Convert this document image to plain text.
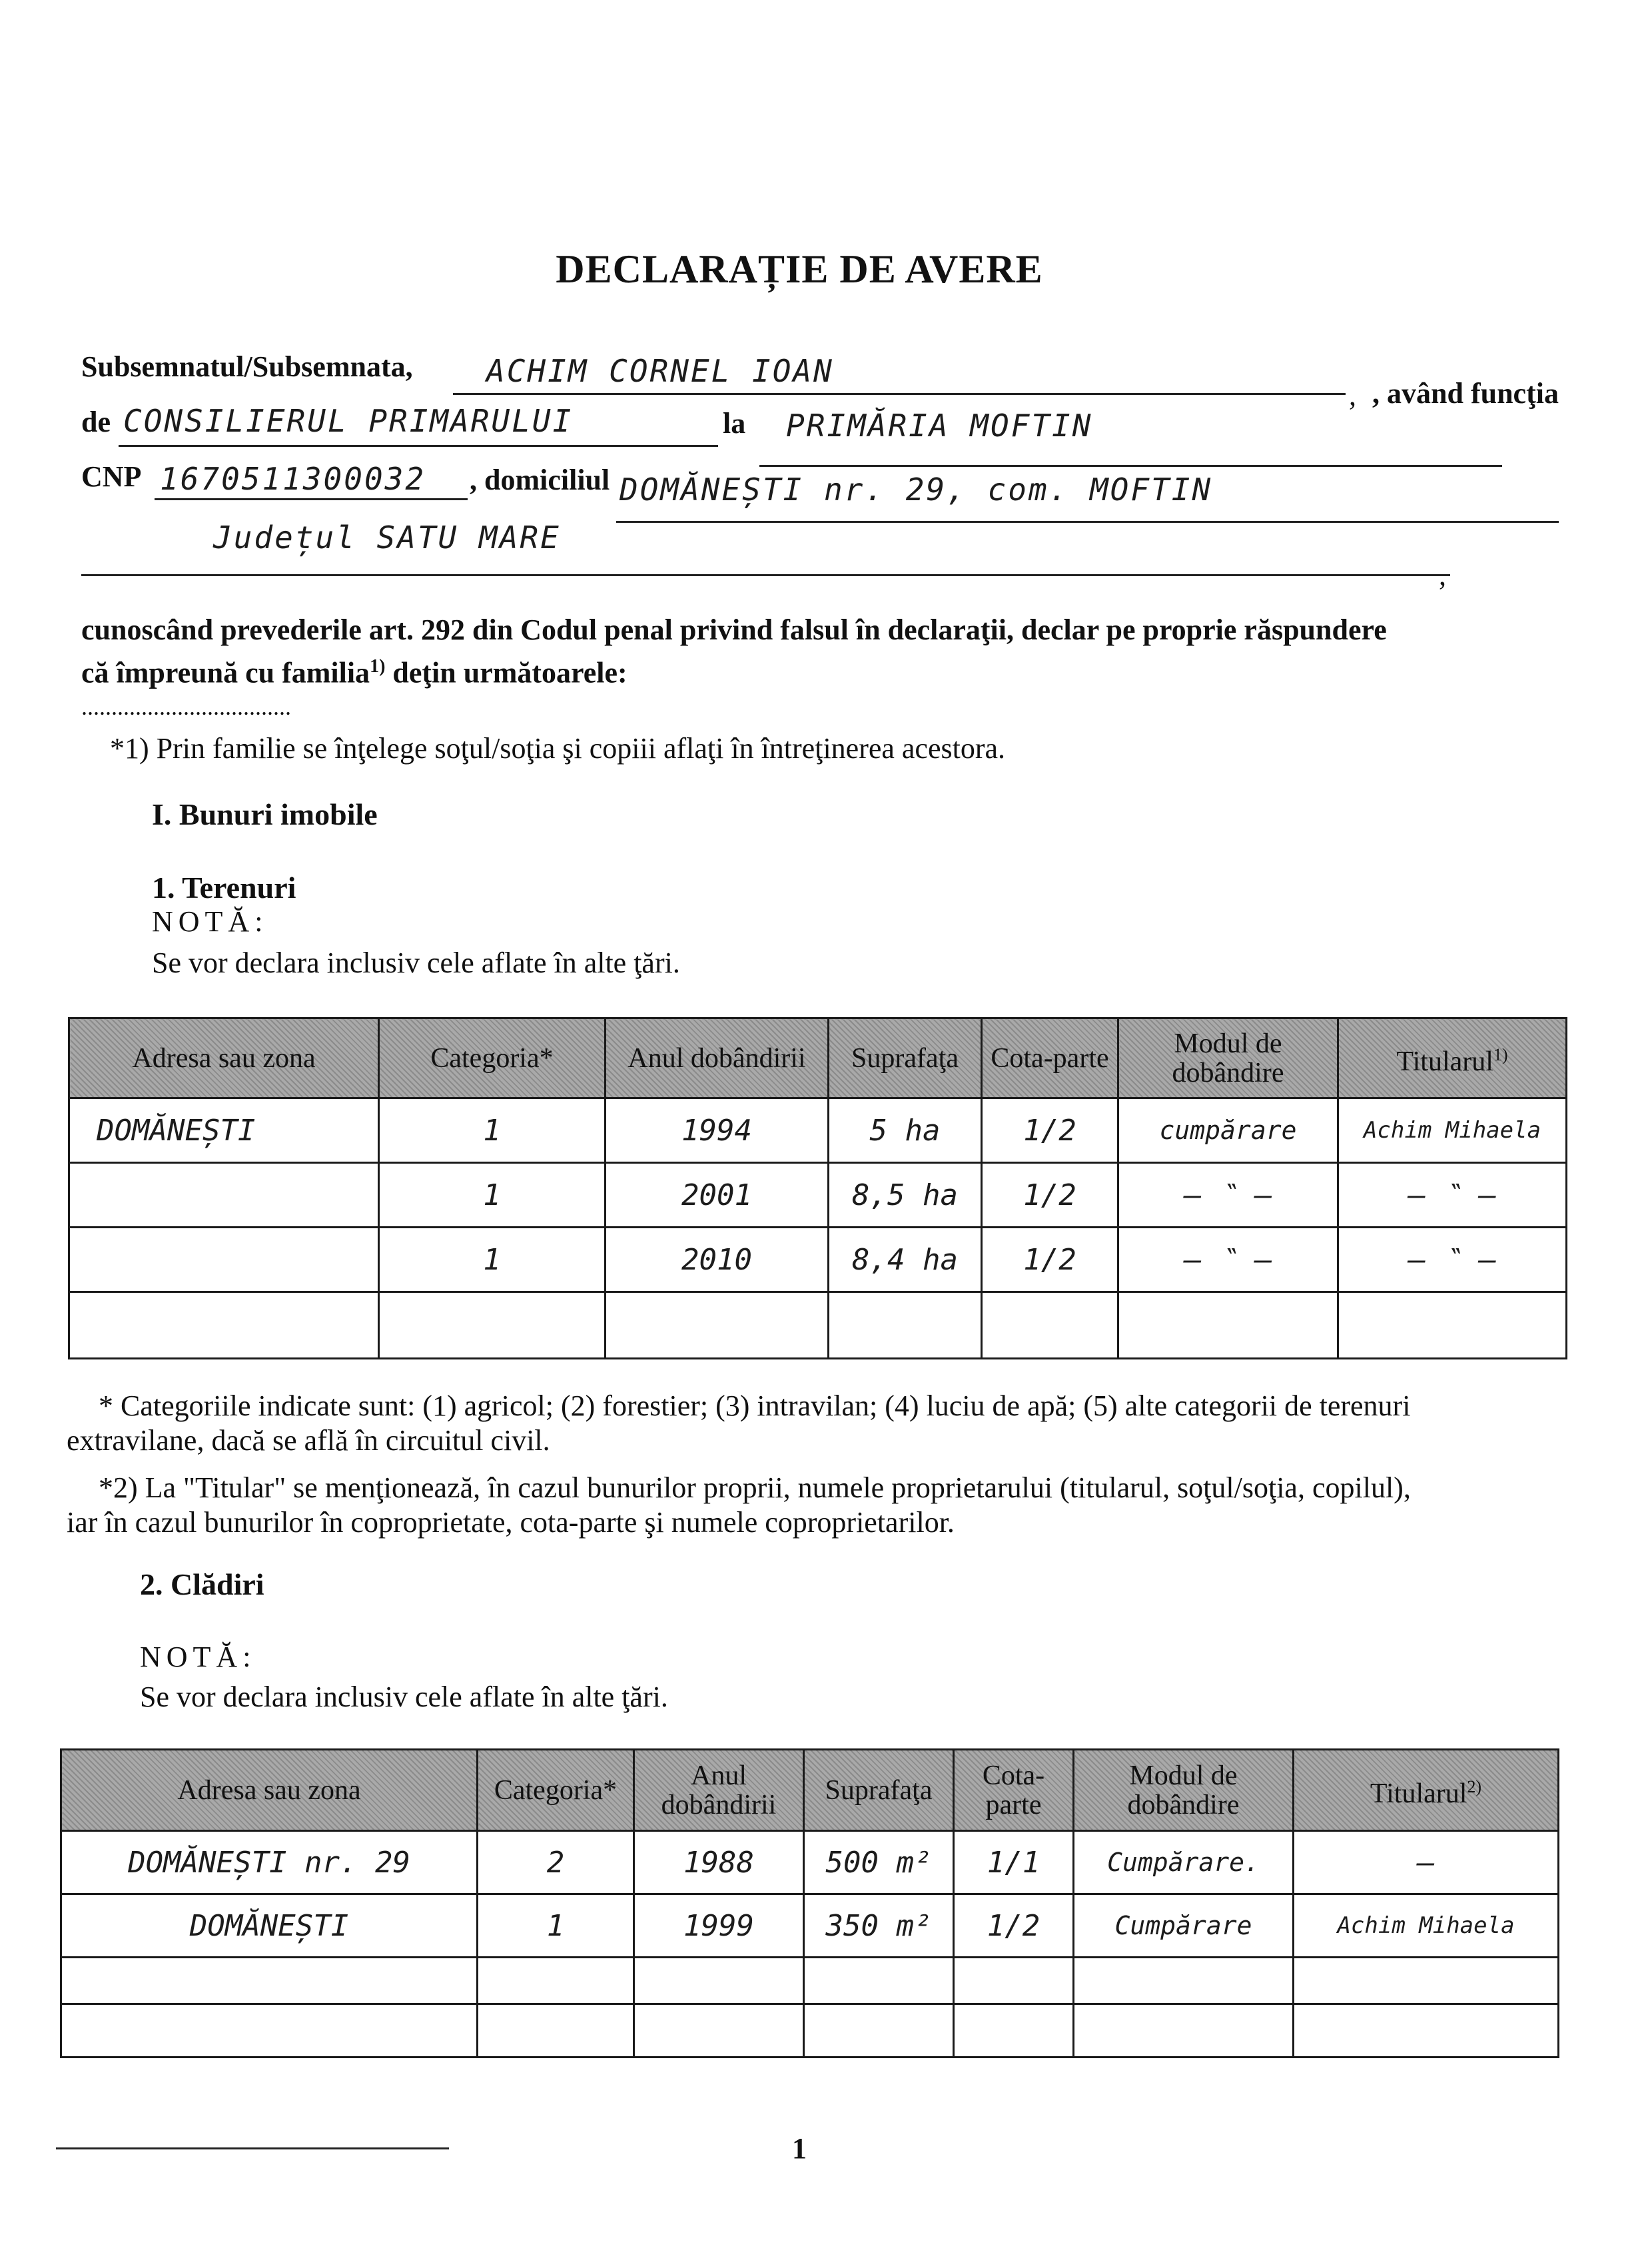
DECLARAȚIE DE AVERE
Subsemnatul/Subsemnata, ACHIM CORNEL IOAN
, , având funcţia
de CONSILIERUL PRIMARULUI	la PRIMĂRIA MOFTIN
CNP 1670511300032 , domiciliul DOMĂNEȘTI nr. 29, com. MOFTIN
Județul SATU MARE
,
cunoscând prevederile art. 292 din Codul penal privind falsul în declaraţii, declar pe proprie răspundere
că împreună cu familia$^{1)}$ deţin următoarele:
...................................
*1) Prin familie se înţelege soţul/soţia şi copiii aflaţi în întreţinerea acestora.
I. Bunuri imobile
1. Terenuri
NOTĂ:
Se vor declara inclusiv cele aflate în alte ţări.
Adresa sau zona	Categoria*	Anul dobândirii	Suprafaţa	Cota-parte	Modul de dobândire	Titularul$^{1)}$
DOMĂNEȘTI	1	1994	5 ha	1/2	cumpărare	Achim Mihaela
	1	2001	8,5 ha	1/2	— ‶ —	— ‶ —
	1	2010	8,4 ha	1/2	— ‶ —	— ‶ —

* Categoriile indicate sunt: (1) agricol; (2) forestier; (3) intravilan; (4) luciu de apă; (5) alte categorii de terenuri
extravilane, dacă se află în circuitul civil.
*2) La "Titular" se menţionează, în cazul bunurilor proprii, numele proprietarului (titularul, soţul/soţia, copilul),
iar în cazul bunurilor în coproprietate, cota-parte şi numele coproprietarilor.
2. Clădiri
NOTĂ:
Se vor declara inclusiv cele aflate în alte ţări.
Adresa sau zona	Categoria*	Anul dobândirii	Suprafaţa	Cota-parte	Modul de dobândire	Titularul$^{2)}$
DOMĂNEȘTI nr. 29	2	1988	500 m²	1/1	Cumpărare.	—
DOMĂNEȘTI	1	1999	350 m²	1/2	Cumpărare	Achim Mihaela

1
